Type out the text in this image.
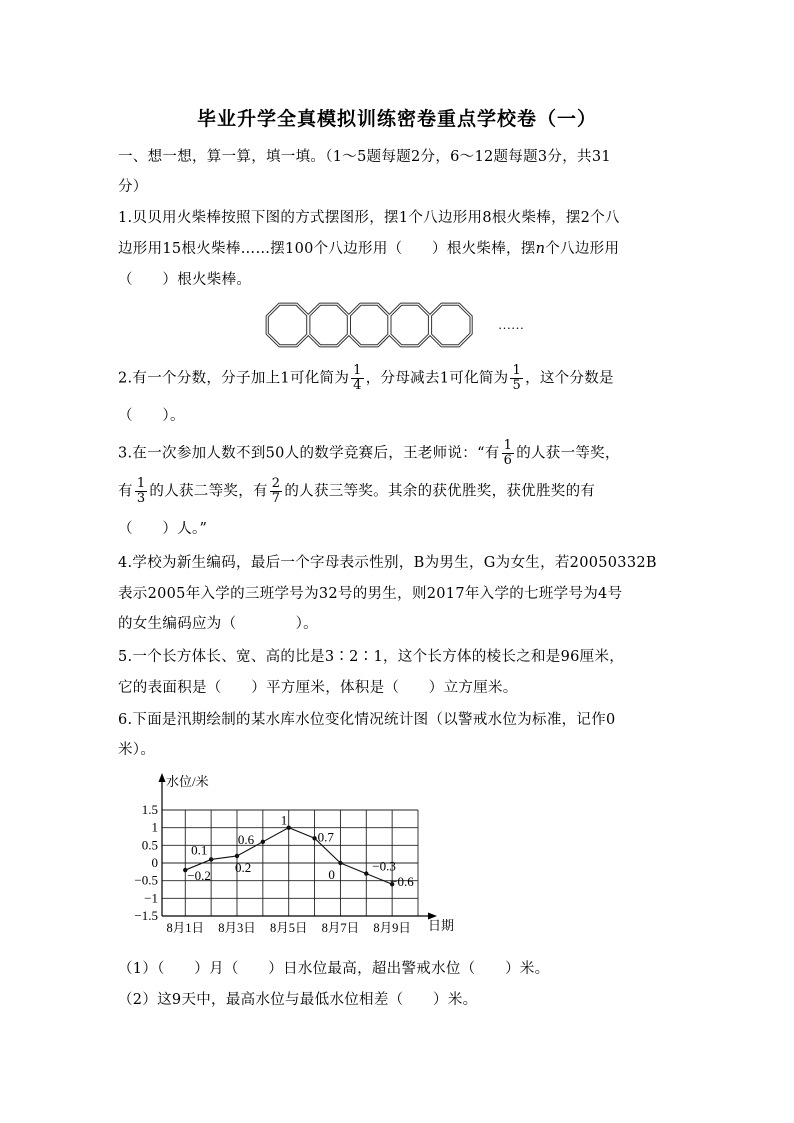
毕业升学全真模拟训练密卷重点学校卷（一）
一、想一想，算一算，填一填。（1～5题每题2分，6～12题每题3分，共31
分）
1.贝贝用火柴棒按照下图的方式摆图形，摆1个八边形用8根火柴棒，摆2个八
边形用15根火柴棒……摆100个八边形用（　　）根火柴棒，摆n个八边形用
（　　）根火柴棒。
……
2.有一个分数，分子加上1可化简为 $\frac{1}{4}$ ，分母减去1可化简为 $\frac{1}{5}$ ，这个分数是
（　　）。
3.在一次参加人数不到50人的数学竞赛后，王老师说：“有 $\frac{1}{6}$ 的人获一等奖，
有 $\frac{1}{3}$ 的人获二等奖，有 $\frac{2}{7}$ 的人获三等奖。其余的获优胜奖，获优胜奖的有
（　　）人。”
4.学校为新生编码，最后一个字母表示性别，B为男生，G为女生，若20050332B
表示2005年入学的三班学号为32号的男生，则2017年入学的七班学号为4号
的女生编码应为（　　　　）。
5.一个长方体长、宽、高的比是3∶2∶1，这个长方体的棱长之和是96厘米，
它的表面积是（　　）平方厘米，体积是（　　）立方厘米。
6.下面是汛期绘制的某水库水位变化情况统计图（以警戒水位为标准，记作0
米）。
1.5
1
0.5
0
−0.5
−1
−1.5
8月1日 8月3日 8月5日 8月7日 8月9日
−0.2
0.1
0.2
0.6
1
0.7
0
−0.3
−0.6
水位/米
日期
（1）（　　）月（　　）日水位最高，超出警戒水位（　　）米。
（2）这9天中，最高水位与最低水位相差（　　）米。
